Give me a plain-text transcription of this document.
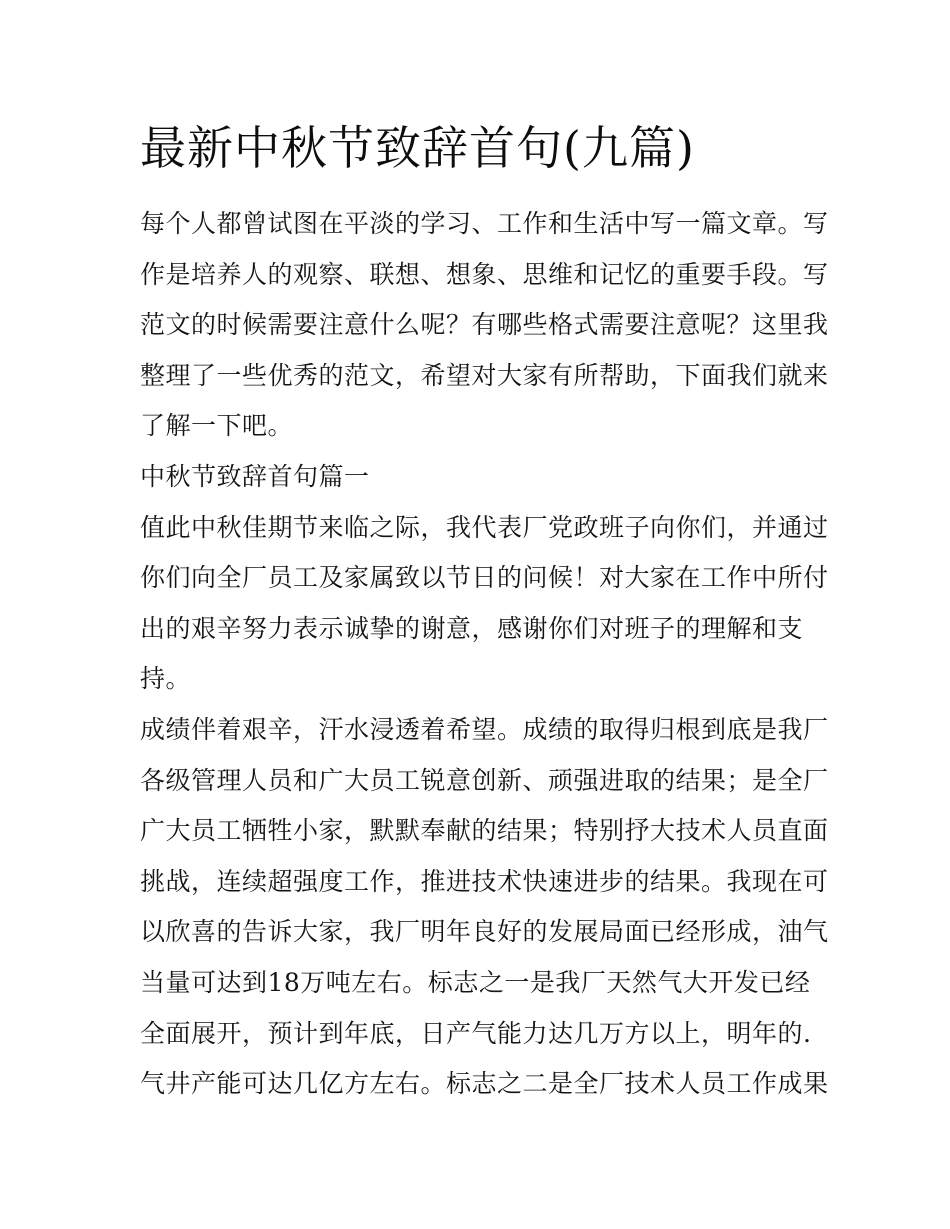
最新中秋节致辞首句(九篇)
每个人都曾试图在平淡的学习、工作和生活中写一篇文章。写
作是培养人的观察、联想、想象、思维和记忆的重要手段。写
范文的时候需要注意什么呢？有哪些格式需要注意呢？这里我
整理了一些优秀的范文，希望对大家有所帮助，下面我们就来
了解一下吧。
中秋节致辞首句篇一
值此中秋佳期节来临之际，我代表厂党政班子向你们，并通过
你们向全厂员工及家属致以节日的问候！对大家在工作中所付
出的艰辛努力表示诚挚的谢意，感谢你们对班子的理解和支
持。
成绩伴着艰辛，汗水浸透着希望。成绩的取得归根到底是我厂
各级管理人员和广大员工锐意创新、顽强进取的结果；是全厂
广大员工牺牲小家，默默奉献的结果；特别抒大技术人员直面
挑战，连续超强度工作，推进技术快速进步的结果。我现在可
以欣喜的告诉大家，我厂明年良好的发展局面已经形成，油气
当量可达到18万吨左右。标志之一是我厂天然气大开发已经
全面展开，预计到年底，日产气能力达几万方以上，明年的.
气井产能可达几亿方左右。标志之二是全厂技术人员工作成果
